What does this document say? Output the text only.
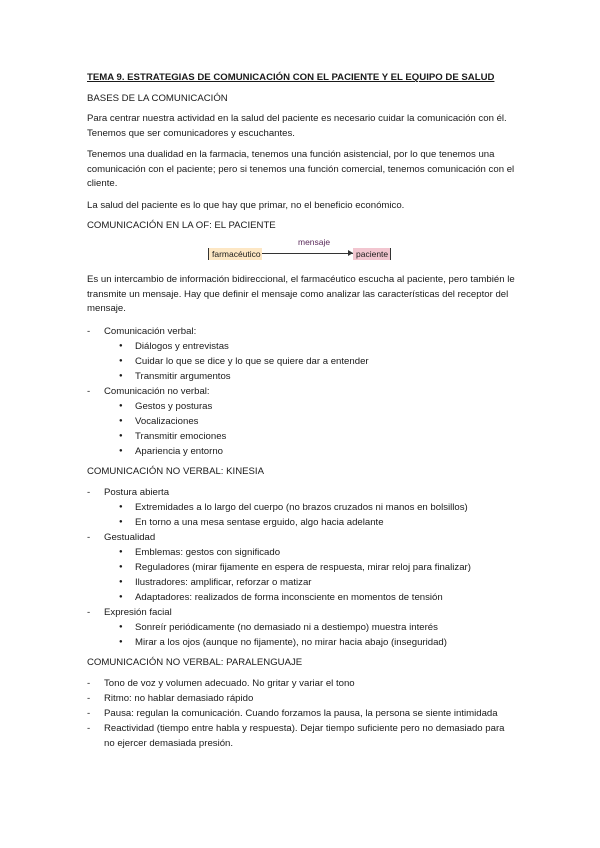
TEMA 9. ESTRATEGIAS DE COMUNICACIÓN CON EL PACIENTE Y EL EQUIPO DE SALUD
BASES DE LA COMUNICACIÓN

Para centrar nuestra actividad en la salud del paciente es necesario cuidar la comunicación con él. Tenemos que ser comunicadores y escuchantes.

Tenemos una dualidad en la farmacia, tenemos una función asistencial, por lo que tenemos una comunicación con el paciente; pero si tenemos una función comercial, tenemos comunicación con el cliente.

La salud del paciente es lo que hay que primar, no el beneficio económico.

COMUNICACIÓN EN LA OF: EL PACIENTE
farmacéutico
mensaje
paciente

Es un intercambio de información bidireccional, el farmacéutico escucha al paciente, pero también le transmite un mensaje. Hay que definir el mensaje como analizar las características del receptor del mensaje.

- Comunicación verbal:
● Diálogos y entrevistas
● Cuidar lo que se dice y lo que se quiere dar a entender
● Transmitir argumentos
- Comunicación no verbal:
● Gestos y posturas
● Vocalizaciones
● Transmitir emociones
● Apariencia y entorno
COMUNICACIÓN NO VERBAL: KINESIA
- Postura abierta
● Extremidades a lo largo del cuerpo (no brazos cruzados ni manos en bolsillos)
● En torno a una mesa sentase erguido, algo hacia adelante
- Gestualidad
● Emblemas: gestos con significado
● Reguladores (mirar fijamente en espera de respuesta, mirar reloj para finalizar)
● Ilustradores: amplificar, reforzar o matizar
● Adaptadores: realizados de forma inconsciente en momentos de tensión
- Expresión facial
● Sonreír periódicamente (no demasiado ni a destiempo) muestra interés
● Mirar a los ojos (aunque no fijamente), no mirar hacia abajo (inseguridad)
COMUNICACIÓN NO VERBAL: PARALENGUAJE
- Tono de voz y volumen adecuado. No gritar y variar el tono
- Ritmo: no hablar demasiado rápido
- Pausa: regulan la comunicación. Cuando forzamos la pausa, la persona se siente intimidada
- Reactividad (tiempo entre habla y respuesta). Dejar tiempo suficiente pero no demasiado para no ejercer demasiada presión.
